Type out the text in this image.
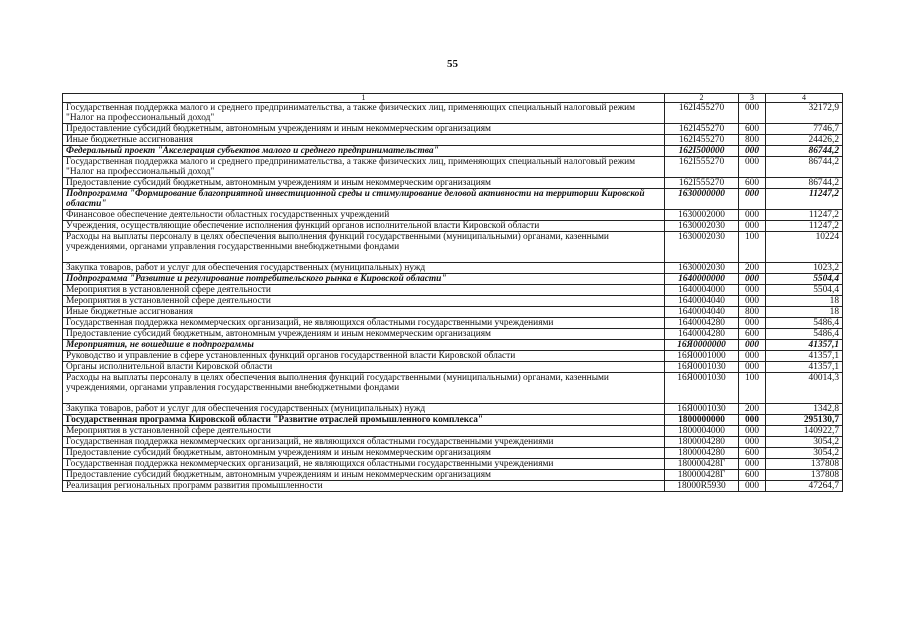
55
1	2	3	4
Государственная поддержка малого и среднего предпринимательства, а также физических лиц, применяющих специальный налоговый режим "Налог на профессиональный доход"	162I455270	000	32172,9
Предоставление субсидий бюджетным, автономным учреждениям и иным некоммерческим организациям	162I455270	600	7746,7
Иные бюджетные ассигнования	162I455270	800	24426,2
Федеральный проект "Акселерация субъектов малого и среднего предпринимательства"	162I500000	000	86744,2
Государственная поддержка малого и среднего предпринимательства, а также физических лиц, применяющих специальный налоговый режим "Налог на профессиональный доход"	162I555270	000	86744,2
Предоставление субсидий бюджетным, автономным учреждениям и иным некоммерческим организациям	162I555270	600	86744,2
Подпрограмма "Формирование благоприятной инвестиционной среды и стимулирование деловой активности на территории Кировской области"	1630000000	000	11247,2
Финансовое обеспечение деятельности областных государственных учреждений	1630002000	000	11247,2
Учреждения, осуществляющие обеспечение исполнения функций органов исполнительной власти Кировской области	1630002030	000	11247,2
Расходы на выплаты персоналу в целях обеспечения выполнения функций государственными (муниципальными) органами, казенными учреждениями, органами управления государственными внебюджетными фондами	1630002030	100	10224
Закупка товаров, работ и услуг для обеспечения государственных (муниципальных) нужд	1630002030	200	1023,2
Подпрограмма "Развитие и регулирование потребительского рынка в Кировской области"	1640000000	000	5504,4
Мероприятия в установленной сфере деятельности	1640004000	000	5504,4
Мероприятия в установленной сфере деятельности	1640004040	000	18
Иные бюджетные ассигнования	1640004040	800	18
Государственная поддержка некоммерческих организаций, не являющихся областными государственными учреждениями	1640004280	000	5486,4
Предоставление субсидий бюджетным, автономным учреждениям и иным некоммерческим организациям	1640004280	600	5486,4
Мероприятия, не вошедшие в подпрограммы	16Я0000000	000	41357,1
Руководство и управление в сфере установленных функций органов государственной власти Кировской области	16Я0001000	000	41357,1
Органы исполнительной власти Кировской области	16Я0001030	000	41357,1
Расходы на выплаты персоналу в целях обеспечения выполнения функций государственными (муниципальными) органами, казенными учреждениями, органами управления государственными внебюджетными фондами	16Я0001030	100	40014,3
Закупка товаров, работ и услуг для обеспечения государственных (муниципальных) нужд	16Я0001030	200	1342,8
Государственная программа Кировской области "Развитие отраслей промышленного комплекса"	1800000000	000	295130,7
Мероприятия в установленной сфере деятельности	1800004000	000	140922,7
Государственная поддержка некоммерческих организаций, не являющихся областными государственными учреждениями	1800004280	000	3054,2
Предоставление субсидий бюджетным, автономным учреждениям и иным некоммерческим организациям	1800004280	600	3054,2
Государственная поддержка некоммерческих организаций, не являющихся областными государственными учреждениями	180000428Г	000	137808
Предоставление субсидий бюджетным, автономным учреждениям и иным некоммерческим организациям	180000428Г	600	137808
Реализация региональных программ развития промышленности	18000R5930	000	47264,7
